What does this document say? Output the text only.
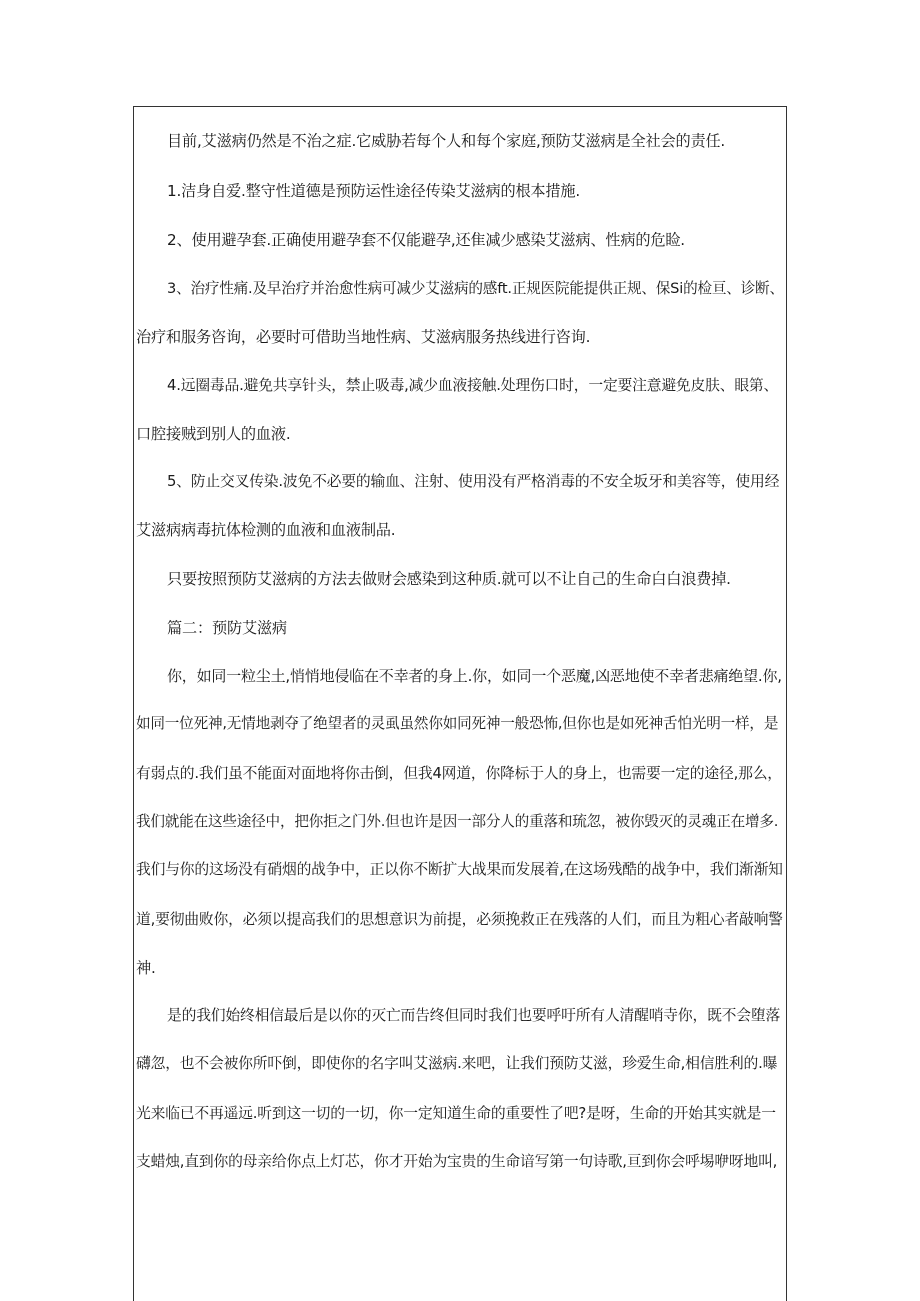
目前,艾滋病仍然是不治之症.它威胁若每个人和每个家庭,预防艾滋病是全社会的责任.
1.洁身自爱.整守性道德是预防运性途径传染艾滋病的根本措施.
2、使用避孕套.正确使用避孕套不仅能避孕,还隹减少感染艾滋病、性病的危睑.
3、治疗性痛.及早治疗并治愈性病可减少艾滋病的感ft.正规医院能提供正规、保Si的检亘、诊断、
治疗和服务咨询，必要时可借助当地性病、艾滋病服务热线进行咨询.
4.远圈毒品.避免共享针头，禁止吸毒,减少血液接触.处理伤口时，一定要注意避免皮肤、眼第、
口腔接贼到别人的血液.
5、防止交叉传染.波免不必要的输血、注射、使用没有严格消毒的不安全坂牙和美容等，使用经
艾滋病病毒抗体检测的血液和血液制品.
只要按照预防艾滋病的方法去做财会感染到这种质.就可以不让自己的生命白白浪费掉.
篇二：预防艾滋病
你，如同一粒尘土,悄悄地侵临在不幸者的身上.你，如同一个恶魔,凶恶地使不幸者悲痛绝望.你,
如同一位死神,无情地剥夺了绝望者的灵虱虽然你如同死神一般恐怖,但你也是如死神舌怕光明一样，是
有弱点的.我们虽不能面对面地将你击倒，但我4网道，你降标于人的身上，也需要一定的途径,那么，
我们就能在这些途径中，把你拒之门外.但也许是因一部分人的重落和琉忽，被你毁灭的灵魂正在增多.
我们与你的这场没有硝烟的战争中，正以你不断扩大战果而发展着,在这场残酷的战争中，我们渐渐知
道,要彻曲败你，必须以提高我们的思想意识为前提，必须挽救正在残落的人们，而且为粗心者敲响警
神.
是的我们始终相信最后是以你的灭亡而告终但同时我们也要呼吁所有人清醒哨寺你，既不会堕落
礴忽，也不会被你所吓倒，即使你的名字叫艾滋病.来吧，让我们预防艾滋，珍爱生命,相信胜利的.曝
光来临已不再遥远.听到这一切的一切，你一定知道生命的重要性了吧?是呀，生命的开始其实就是一
支蜡烛,直到你的母亲给你点上灯芯，你才开始为宝贵的生命谙写第一句诗歌,亘到你会呼埸咿呀地叫,
